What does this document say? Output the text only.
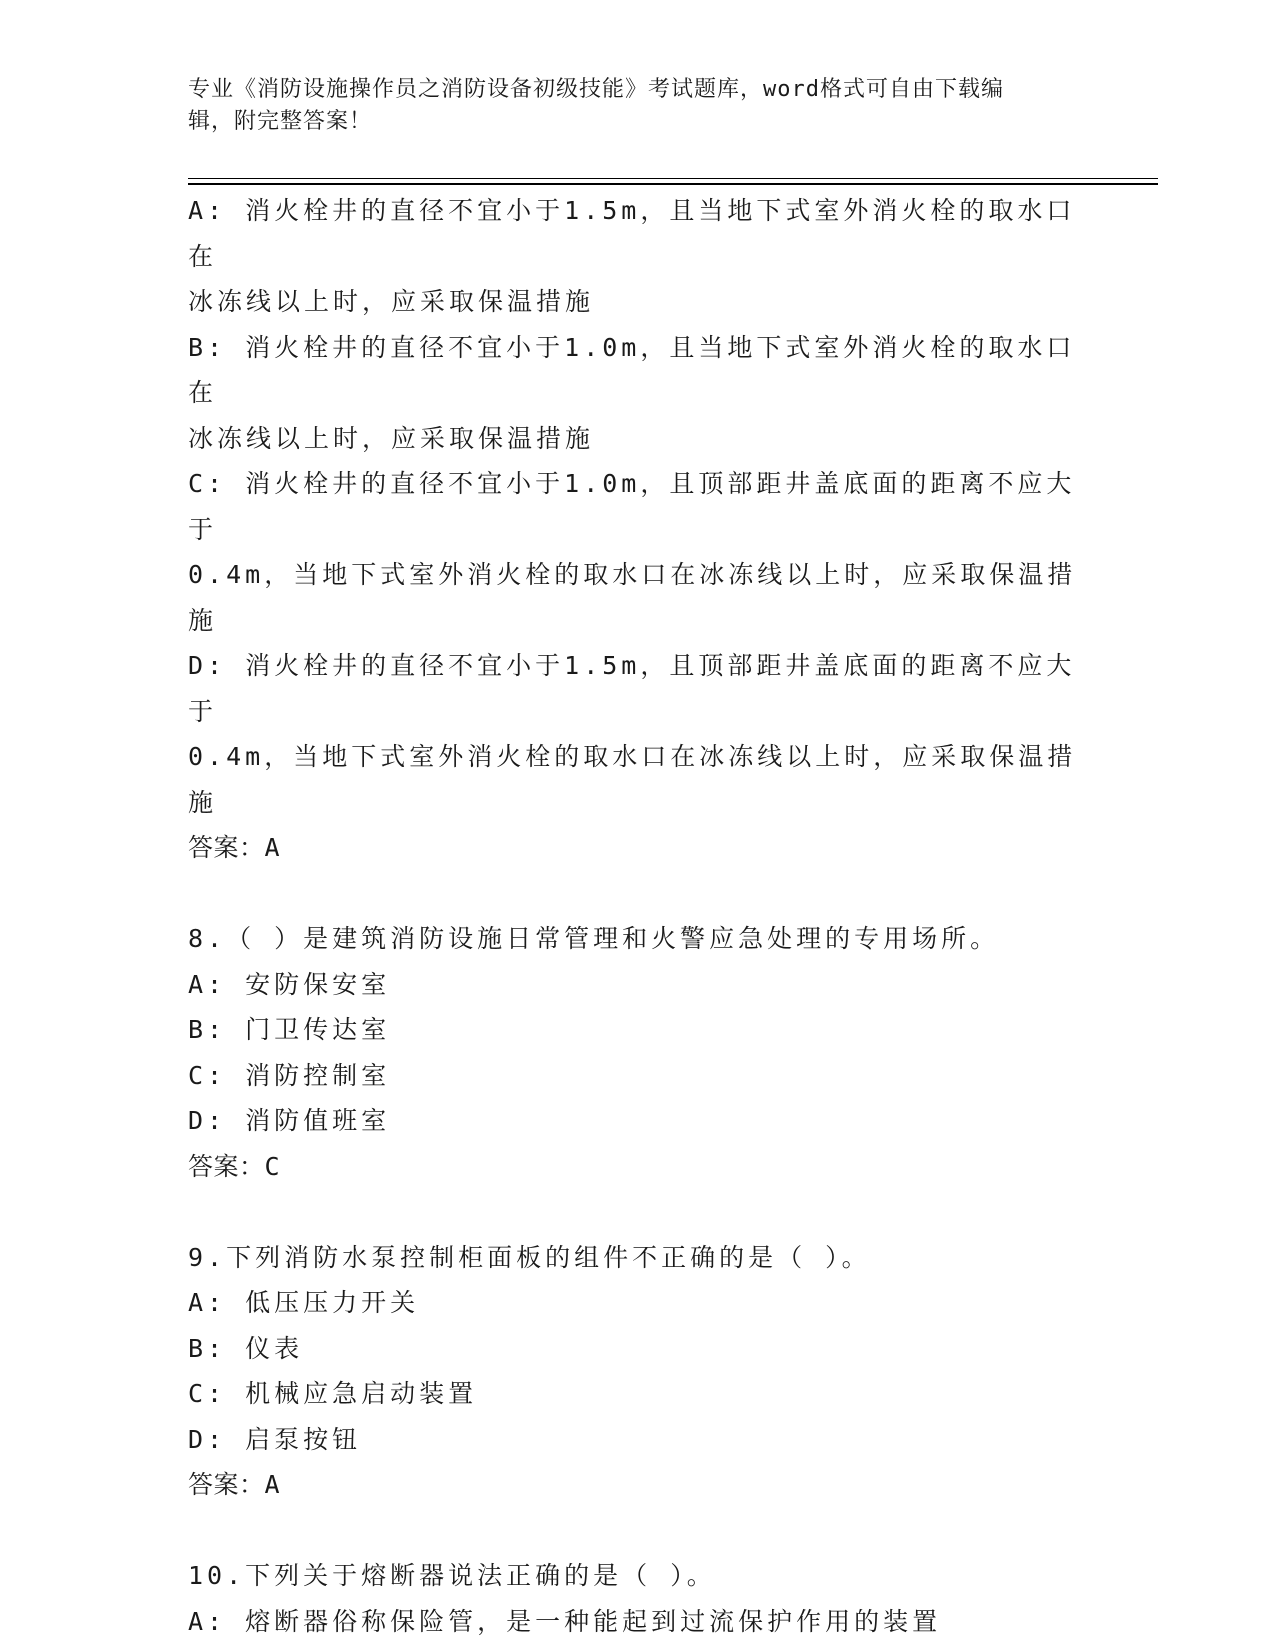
专业《消防设施操作员之消防设备初级技能》考试题库，word格式可自由下载编
辑，附完整答案！
A: 消火栓井的直径不宜小于1.5m，且当地下式室外消火栓的取水口在
冰冻线以上时，应采取保温措施
B: 消火栓井的直径不宜小于1.0m，且当地下式室外消火栓的取水口在
冰冻线以上时，应采取保温措施
C: 消火栓井的直径不宜小于1.0m，且顶部距井盖底面的距离不应大于
0.4m，当地下式室外消火栓的取水口在冰冻线以上时，应采取保温措
施
D: 消火栓井的直径不宜小于1.5m，且顶部距井盖底面的距离不应大于
0.4m，当地下式室外消火栓的取水口在冰冻线以上时，应采取保温措
施
答案：A
8.（ ）是建筑消防设施日常管理和火警应急处理的专用场所。
A: 安防保安室
B: 门卫传达室
C: 消防控制室
D: 消防值班室
答案：C
9.下列消防水泵控制柜面板的组件不正确的是（ ）。
A: 低压压力开关
B: 仪表
C: 机械应急启动装置
D: 启泵按钮
答案：A
10.下列关于熔断器说法正确的是（ ）。
A: 熔断器俗称保险管，是一种能起到过流保护作用的装置
